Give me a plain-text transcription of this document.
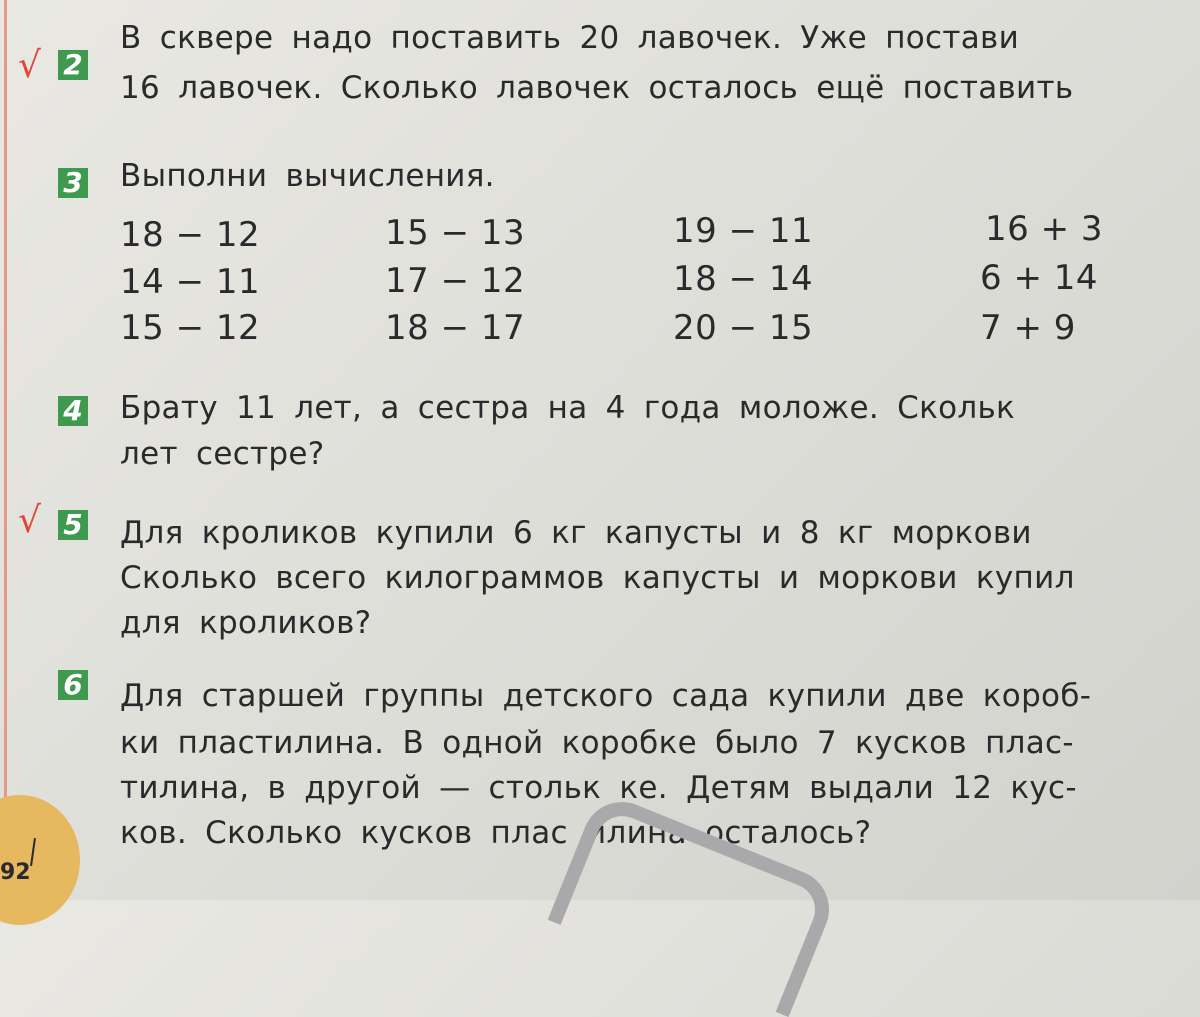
√ 2
В сквере надо поставить 20 лавочек. Уже постави
16 лавочек. Сколько лавочек осталось ещё поставить
3 Выполни вычисления.
18 − 12	15 − 13	19 − 11	16 + 3
14 − 11	17 − 12	18 − 14	6 + 14
15 − 12	18 − 17	20 − 15	7 + 9
4 Брату 11 лет, а сестра на 4 года моложе. Скольк
лет сестре?
√ 5 Для кроликов купили 6 кг капусты и 8 кг моркови
Сколько всего килограммов капусты и моркови купил
для кроликов?
6 Для старшей группы детского сада купили две короб-
ки пластилина. В одной коробке было 7 кусков плас-
тилина, в другой — стольк ке. Детям выдали 12 кус-
ков. Сколько кусков плас илина осталось?
92
